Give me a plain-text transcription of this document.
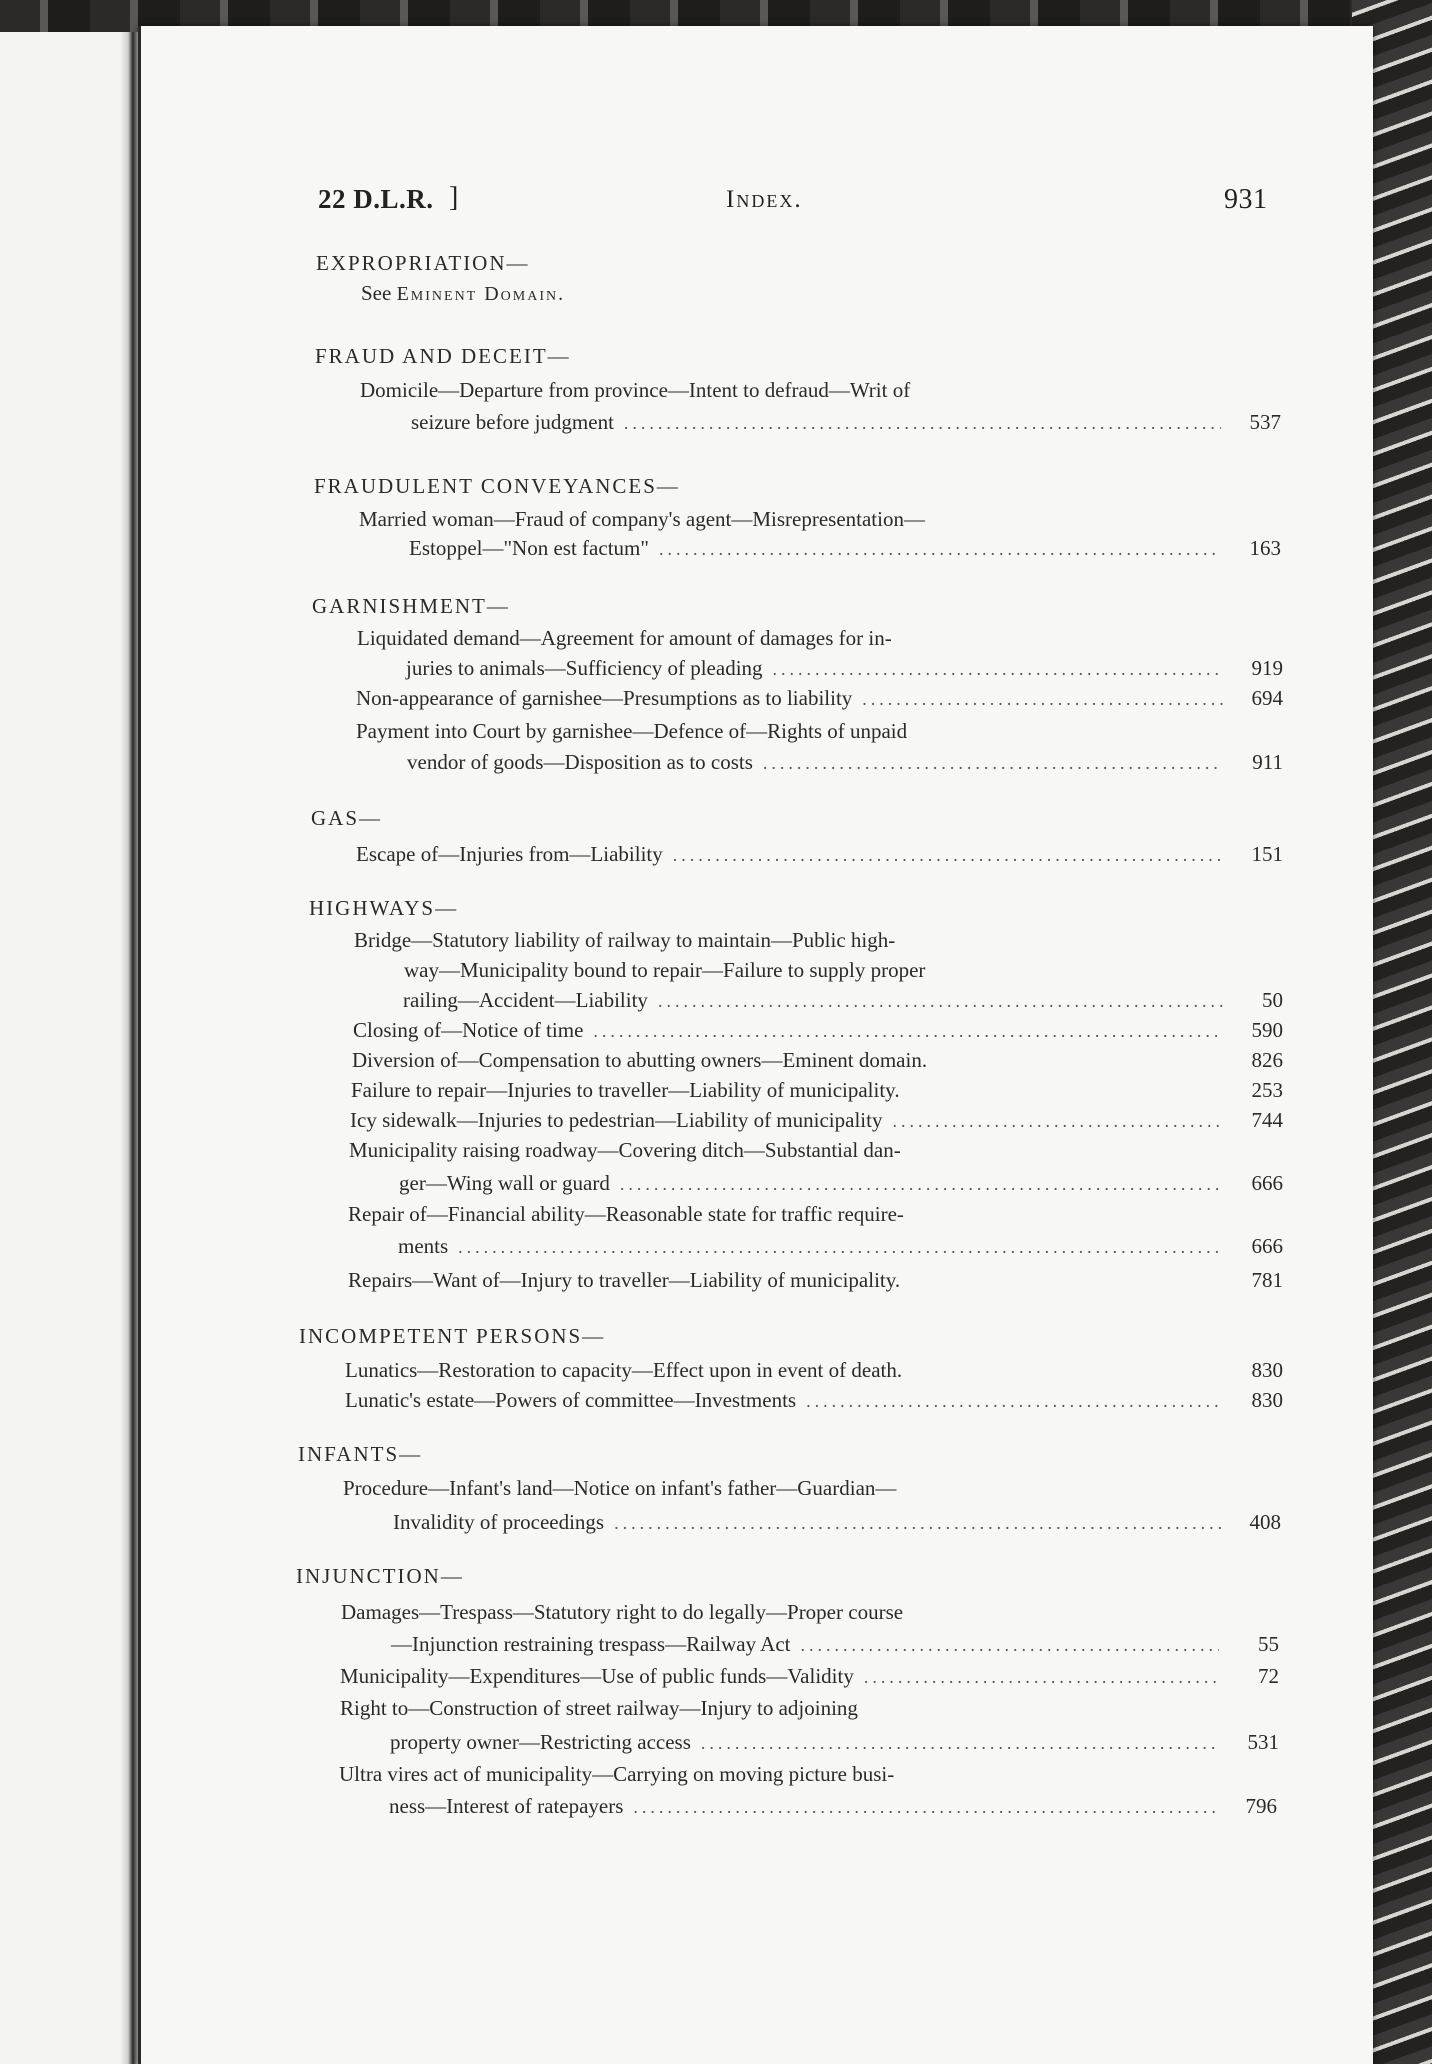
22 D.L.R. ]	Index.	931
EXPROPRIATION—
See Eminent Domain.
FRAUD AND DECEIT—
Domicile—Departure from province—Intent to defraud—Writ of
seizure before judgment .....	537
FRAUDULENT CONVEYANCES—
Married woman—Fraud of company's agent—Misrepresentation—
Estoppel—"Non est factum" .....	163
GARNISHMENT—
Liquidated demand—Agreement for amount of damages for in-
juries to animals—Sufficiency of pleading .....	919
Non-appearance of garnishee—Presumptions as to liability .....	694
Payment into Court by garnishee—Defence of—Rights of unpaid
vendor of goods—Disposition as to costs .....	911
GAS—
Escape of—Injuries from—Liability .....	151
HIGHWAYS—
Bridge—Statutory liability of railway to maintain—Public high-
way—Municipality bound to repair—Failure to supply proper
railing—Accident—Liability .....	50
Closing of—Notice of time .....	590
Diversion of—Compensation to abutting owners—Eminent domain.	826
Failure to repair—Injuries to traveller—Liability of municipality.	253
Icy sidewalk—Injuries to pedestrian—Liability of municipality .....	744
Municipality raising roadway—Covering ditch—Substantial dan-
ger—Wing wall or guard .....	666
Repair of—Financial ability—Reasonable state for traffic require-
ments .....	666
Repairs—Want of—Injury to traveller—Liability of municipality.	781
INCOMPETENT PERSONS—
Lunatics—Restoration to capacity—Effect upon in event of death.	830
Lunatic's estate—Powers of committee—Investments .....	830
INFANTS—
Procedure—Infant's land—Notice on infant's father—Guardian—
Invalidity of proceedings .....	408
INJUNCTION—
Damages—Trespass—Statutory right to do legally—Proper course
—Injunction restraining trespass—Railway Act .....	55
Municipality—Expenditures—Use of public funds—Validity .....	72
Right to—Construction of street railway—Injury to adjoining
property owner—Restricting access .....	531
Ultra vires act of municipality—Carrying on moving picture busi-
ness—Interest of ratepayers .....	796
